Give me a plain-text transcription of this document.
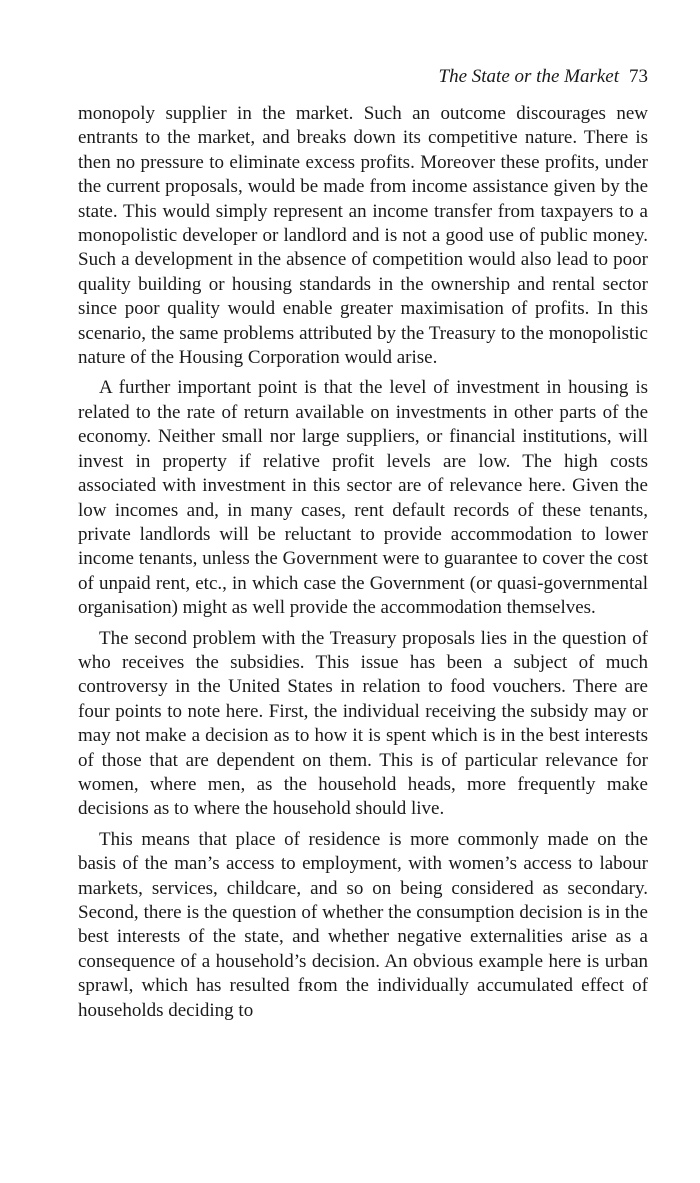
The State or the Market 73

monopoly supplier in the market. Such an outcome discourages new entrants to the market, and breaks down its competitive nature. There is then no pressure to eliminate excess profits. Moreover these profits, under the current proposals, would be made from income assistance given by the state. This would simply represent an income transfer from taxpayers to a monopolistic developer or landlord and is not a good use of public money. Such a development in the absence of competition would also lead to poor quality building or housing standards in the ownership and rental sector since poor quality would enable greater maximisation of profits. In this scenario, the same problems attributed by the Treasury to the monopolistic nature of the Housing Corporation would arise.

A further important point is that the level of investment in housing is related to the rate of return available on investments in other parts of the economy. Neither small nor large suppliers, or financial institutions, will invest in property if relative profit levels are low. The high costs associated with investment in this sector are of relevance here. Given the low incomes and, in many cases, rent default records of these tenants, private landlords will be reluctant to provide accommodation to lower income tenants, unless the Government were to guarantee to cover the cost of unpaid rent, etc., in which case the Government (or quasi-governmental organisation) might as well provide the accommodation themselves.

The second problem with the Treasury proposals lies in the question of who receives the subsidies. This issue has been a subject of much controversy in the United States in relation to food vouchers. There are four points to note here. First, the individual receiving the subsidy may or may not make a decision as to how it is spent which is in the best interests of those that are dependent on them. This is of particular relevance for women, where men, as the household heads, more frequently make decisions as to where the household should live.

This means that place of residence is more commonly made on the basis of the man’s access to employment, with women’s access to labour markets, services, childcare, and so on being considered as secondary. Second, there is the question of whether the consumption decision is in the best interests of the state, and whether negative externalities arise as a consequence of a household’s decision. An obvious example here is urban sprawl, which has resulted fʀom the individually accumulated effect of households deciding to
